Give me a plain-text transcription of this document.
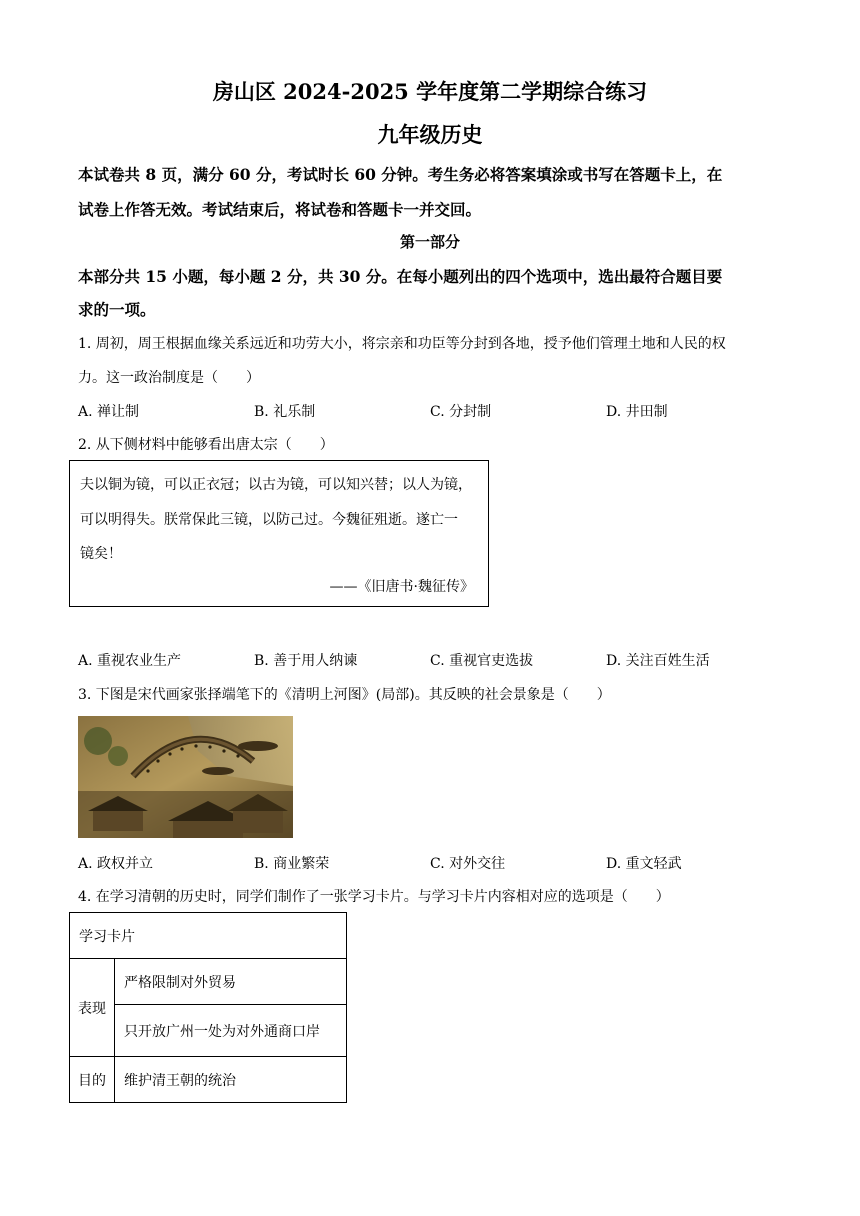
房山区 2024-2025 学年度第二学期综合练习
九年级历史
本试卷共 8 页，满分 60 分，考试时长 60 分钟。考生务必将答案填涂或书写在答题卡上，在
试卷上作答无效。考试结束后，将试卷和答题卡一并交回。
第一部分
本部分共 15 小题，每小题 2 分，共 30 分。在每小题列出的四个选项中，选出最符合题目要
求的一项。
1. 周初，周王根据血缘关系远近和功劳大小，将宗亲和功臣等分封到各地，授予他们管理土地和人民的权
力。这一政治制度是（　　）
A. 禅让制	B. 礼乐制	C. 分封制	D. 井田制
2. 从下侧材料中能够看出唐太宗（　　）
夫以铜为镜，可以正衣冠；以古为镜，可以知兴替；以人为镜，
可以明得失。朕常保此三镜，以防己过。今魏征殂逝。遂亡一
镜矣！
——《旧唐书·魏征传》
A. 重视农业生产	B. 善于用人纳谏	C. 重视官吏选拔	D. 关注百姓生活
3. 下图是宋代画家张择端笔下的《清明上河图》(局部)。其反映的社会景象是（　　）
A. 政权并立	B. 商业繁荣	C. 对外交往	D. 重文轻武
4. 在学习清朝的历史时，同学们制作了一张学习卡片。与学习卡片内容相对应的选项是（　　）
学习卡片	
表现	严格限制对外贸易
	只开放广州一处为对外通商口岸
目的	维护清王朝的统治
